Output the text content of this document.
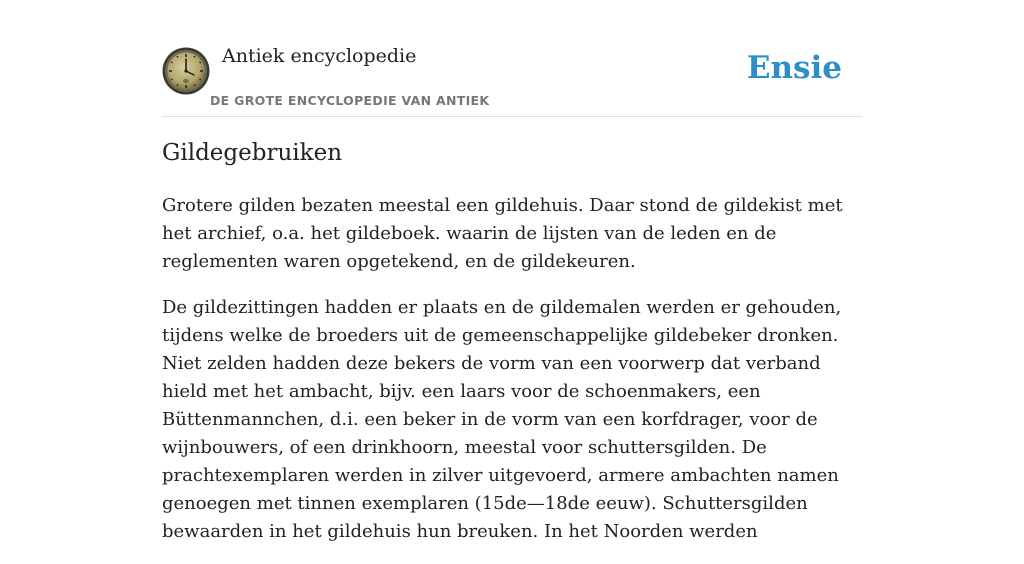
Antiek encyclopedie
DE GROTE ENCYCLOPEDIE VAN ANTIEK
Ensie
Gildegebruiken

Grotere gilden bezaten meestal een gildehuis. Daar stond de gildekist met het archief, o.a. het gildeboek. waarin de lijsten van de leden en de reglementen waren opgetekend, en de gildekeuren.

De gildezittingen hadden er plaats en de gildemalen werden er gehouden, tijdens welke de broeders uit de gemeenschappelijke gildebeker dronken. Niet zelden hadden deze bekers de vorm van een voorwerp dat verband hield met het ambacht, bijv. een laars voor de schoenmakers, een Büttenmannchen, d.i. een beker in de vorm van een korfdrager, voor de wijnbouwers, of een drinkhoorn, meestal voor schuttersgilden. De prachtexemplaren werden in zilver uitgevoerd, armere ambachten namen genoegen met tinnen exemplaren (15de—18de eeuw). Schuttersgilden bewaarden in het gildehuis hun breuken. In het Noorden werden
